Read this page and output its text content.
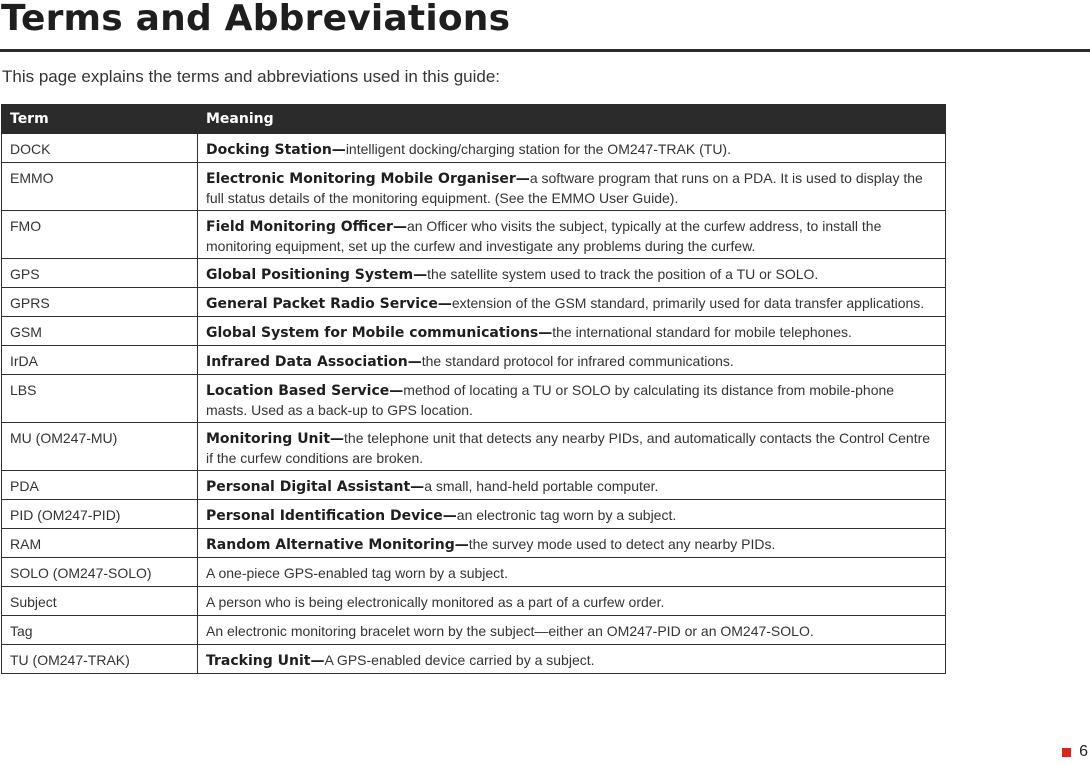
Terms and Abbreviations

This page explains the terms and abbreviations used in this guide:

Term	Meaning
DOCK	Docking Station—intelligent docking/charging station for the OM247-TRAK (TU).
EMMO	Electronic Monitoring Mobile Organiser—a software program that runs on a PDA. It is used to display the full status details of the monitoring equipment. (See the EMMO User Guide).
FMO	Field Monitoring Officer—an Officer who visits the subject, typically at the curfew address, to install the monitoring equipment, set up the curfew and investigate any problems during the curfew.
GPS	Global Positioning System—the satellite system used to track the position of a TU or SOLO.
GPRS	General Packet Radio Service—extension of the GSM standard, primarily used for data transfer applications.
GSM	Global System for Mobile communications—the international standard for mobile telephones.
IrDA	Infrared Data Association—the standard protocol for infrared communications.
LBS	Location Based Service—method of locating a TU or SOLO by calculating its distance from mobile-phone masts. Used as a back-up to GPS location.
MU (OM247-MU)	Monitoring Unit—the telephone unit that detects any nearby PIDs, and automatically contacts the Control Centre if the curfew conditions are broken.
PDA	Personal Digital Assistant—a small, hand-held portable computer.
PID (OM247-PID)	Personal Identification Device—an electronic tag worn by a subject.
RAM	Random Alternative Monitoring—the survey mode used to detect any nearby PIDs.
SOLO (OM247-SOLO)	A one-piece GPS-enabled tag worn by a subject.
Subject	A person who is being electronically monitored as a part of a curfew order.
Tag	An electronic monitoring bracelet worn by the subject—either an OM247-PID or an OM247-SOLO.
TU (OM247-TRAK)	Tracking Unit—A GPS-enabled device carried by a subject.
6
